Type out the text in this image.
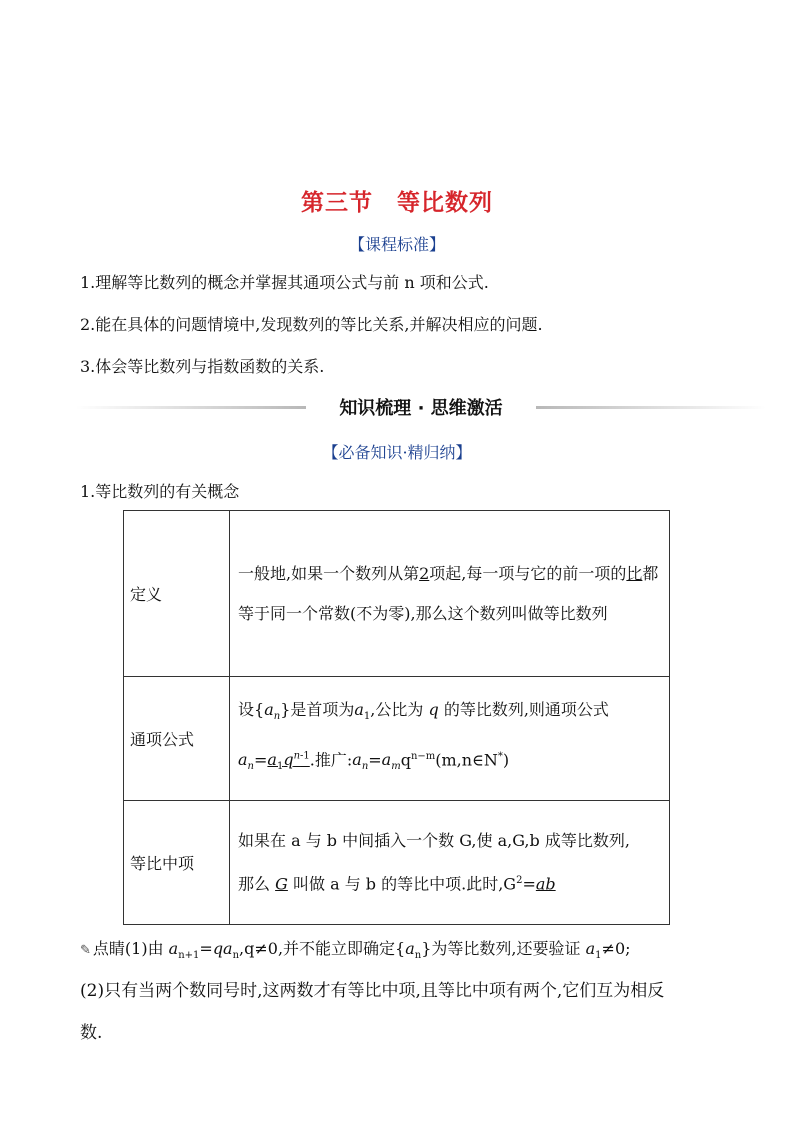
第三节　等比数列
【课程标准】
1.理解等比数列的概念并掌握其通项公式与前 n 项和公式.
2.能在具体的问题情境中,发现数列的等比关系,并解决相应的问题.
3.体会等比数列与指数函数的关系.
知识梳理 · 思维激活
【必备知识·精归纳】
1.等比数列的有关概念
定义	一般地,如果一个数列从第2项起,每一项与它的前一项的比都等于同一个常数(不为零),那么这个数列叫做等比数列
通项公式	设$\{a_n\}$是首项为$a_1$,公比为 q 的等比数列,则通项公式
$a_n=a_1q^{n-1}$.推广$:a_n=a_mq^{n-m}(m,n\in N^*)$

等比中项	如果在 a 与 b 中间插入一个数 G,使 a,G,b 成等比数列,
那么 G 叫做 a 与 b 的等比中项.此时$,G^2=ab$
✎ 点睛(1)由 $a_{n+1}=qa_n,q\ne 0$,并不能立即确定$\{a_n\}$为等比数列,还要验证 $a_1\ne 0$;
(2)只有当两个数同号时,这两数才有等比中项,且等比中项有两个,它们互为相反
数.
